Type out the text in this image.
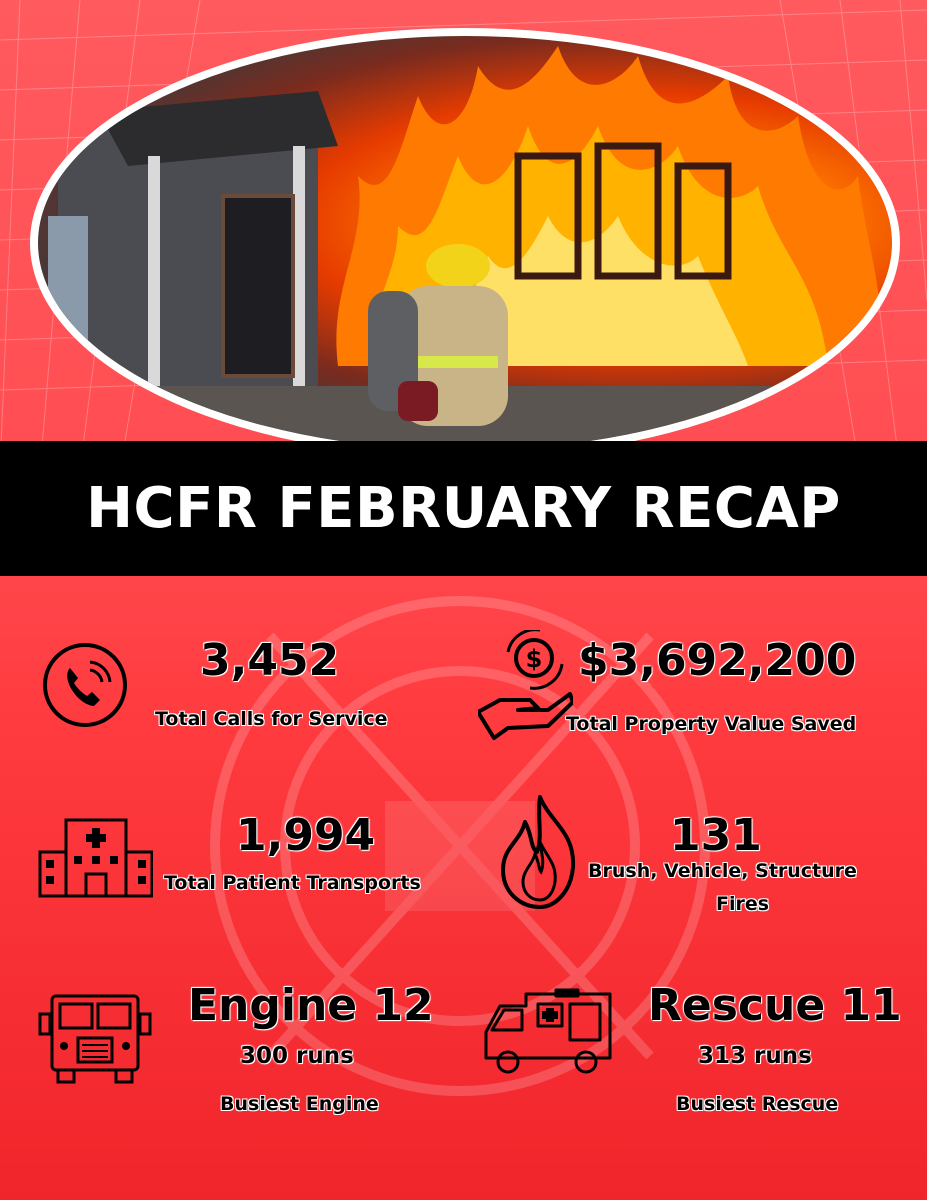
HCFR FEBRUARY RECAP
3,452
Total Calls for Service
$ $3,692,200
Total Property Value Saved
1,994
Total Patient Transports
131
Brush, Vehicle, Structure
Fires
Engine 12
300 runs
Busiest Engine
Rescue 11
313 runs
Busiest Rescue
